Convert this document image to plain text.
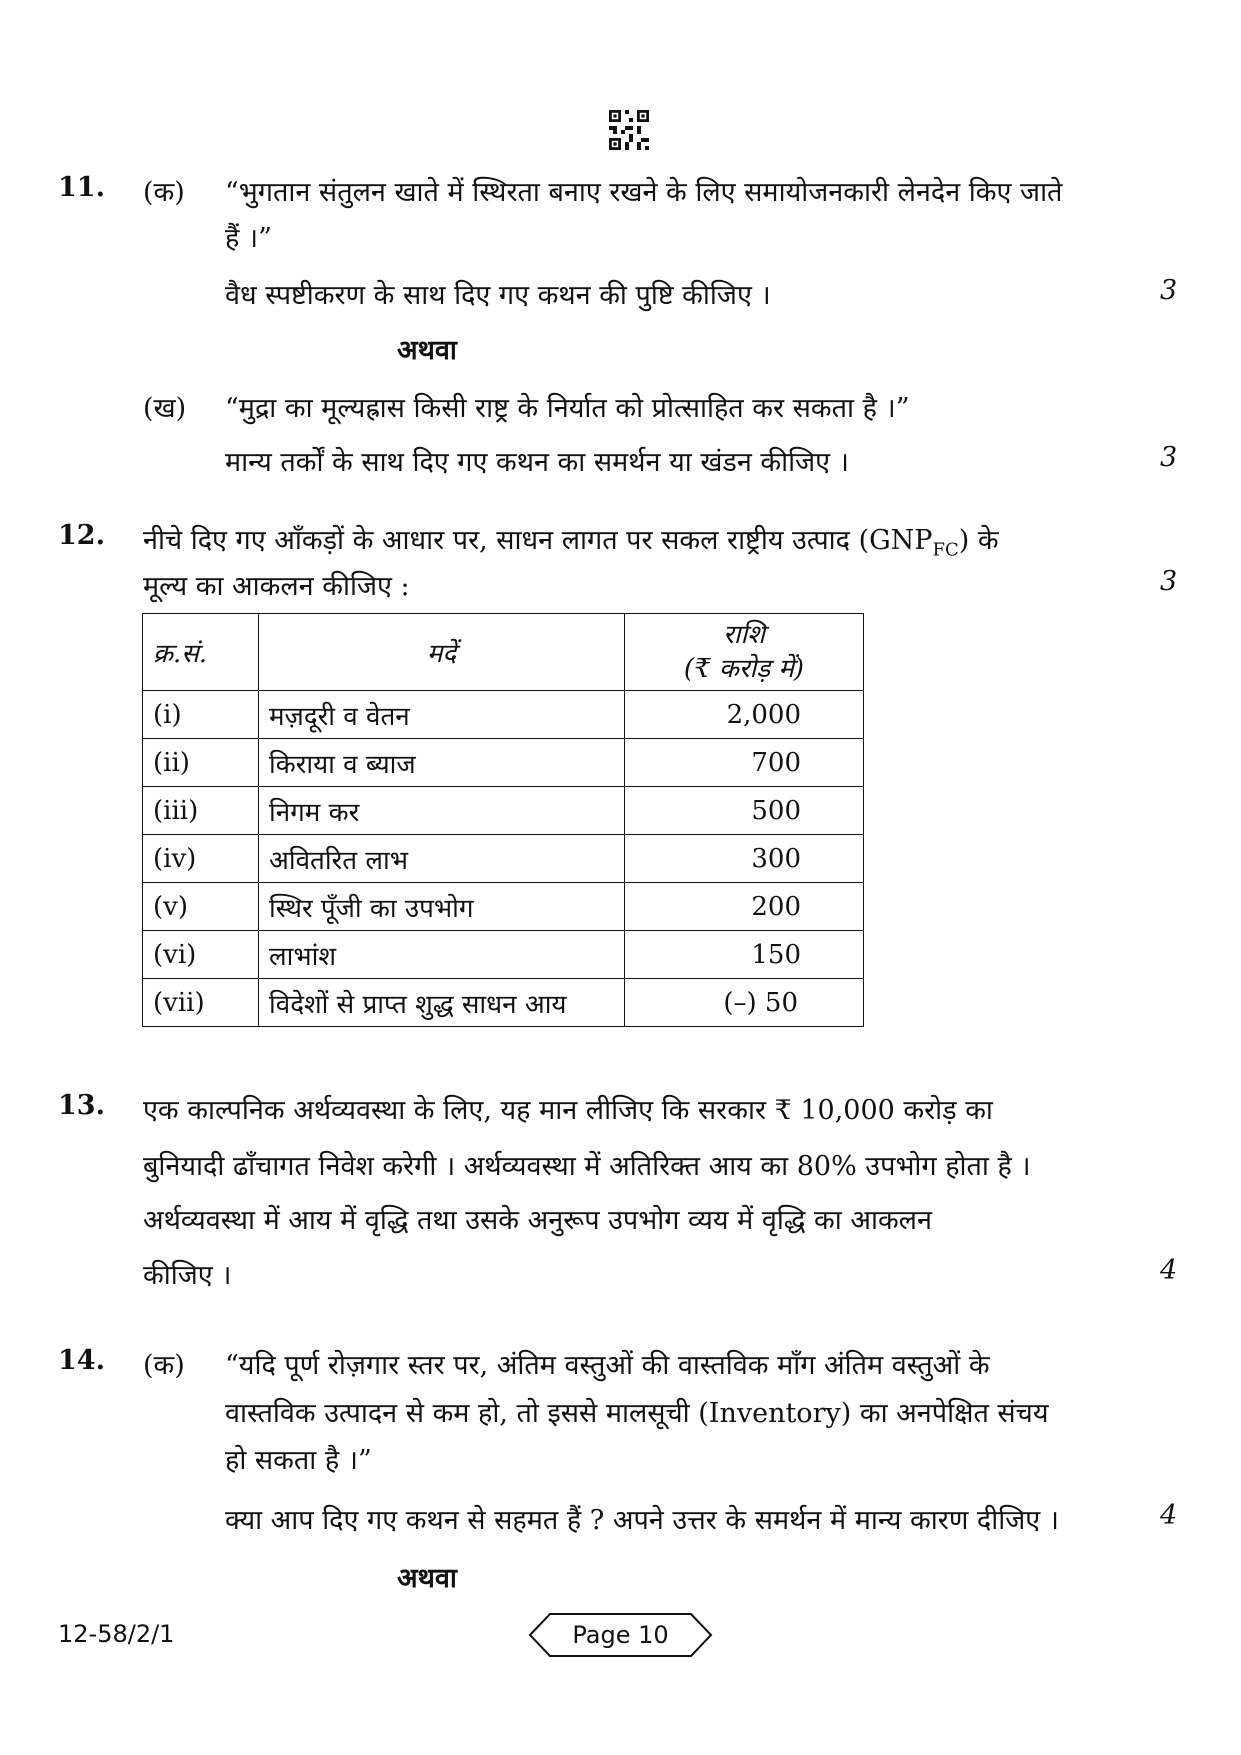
11. (क) “भुगतान संतुलन खाते में स्थिरता बनाए रखने के लिए समायोजनकारी लेनदेन किए जाते
हैं ।”
वैध स्पष्टीकरण के साथ दिए गए कथन की पुष्टि कीजिए ।	3
अथवा
(ख) “मुद्रा का मूल्यह्रास किसी राष्ट्र के निर्यात को प्रोत्साहित कर सकता है ।”
मान्य तर्कों के साथ दिए गए कथन का समर्थन या खंडन कीजिए ।	3
12. नीचे दिए गए आँकड़ों के आधार पर, साधन लागत पर सकल राष्ट्रीय उत्पाद $(GNP_{FC})$ के
मूल्य का आकलन कीजिए :	3
क्र.सं.	मदें	राशि
(₹ करोड़ में)

(i)	मज़दूरी व वेतन	2,000
(ii)	किराया व ब्याज	700
(iii)	निगम कर	500
(iv)	अवितरित लाभ	300
(v)	स्थिर पूँजी का उपभोग	200
(vi)	लाभांश	150
(vii)	विदेशों से प्राप्त शुद्ध साधन आय	(–) 50
13. एक काल्पनिक अर्थव्यवस्था के लिए, यह मान लीजिए कि सरकार ₹ 10,000 करोड़ का
बुनियादी ढाँचागत निवेश करेगी । अर्थव्यवस्था में अतिरिक्त आय का 80% उपभोग होता है ।
अर्थव्यवस्था में आय में वृद्धि तथा उसके अनुरूप उपभोग व्यय में वृद्धि का आकलन
कीजिए ।	4
14. (क) “यदि पूर्ण रोज़गार स्तर पर, अंतिम वस्तुओं की वास्तविक माँग अंतिम वस्तुओं के
वास्तविक उत्पादन से कम हो, तो इससे मालसूची (Inventory) का अनपेक्षित संचय
हो सकता है ।”
क्या आप दिए गए कथन से सहमत हैं ? अपने उत्तर के समर्थन में मान्य कारण दीजिए ।	4
अथवा
12-58/2/1	Page 10
